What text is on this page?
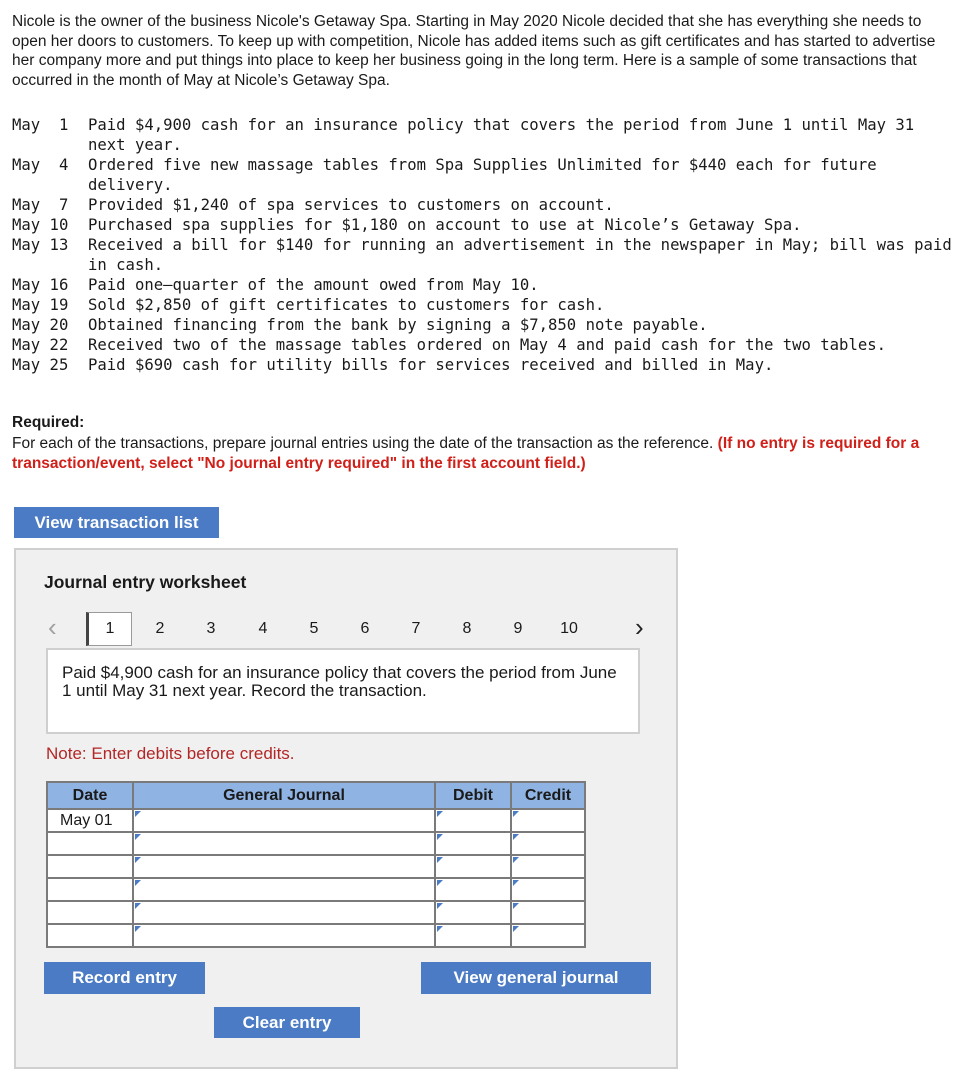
Nicole is the owner of the business Nicole's Getaway Spa. Starting in May 2020 Nicole decided that she has everything she needs to open her doors to customers. To keep up with competition, Nicole has added items such as gift certificates and has started to advertise her company more and put things into place to keep her business going in the long term. Here is a sample of some transactions that occurred in the month of May at Nicole’s Getaway Spa.

May  1	Paid $4,900 cash for an insurance policy that covers the period from June 1 until May 31 next year.
May  4	Ordered five new massage tables from Spa Supplies Unlimited for $440 each for future delivery.
May  7	Provided $1,240 of spa services to customers on account.
May 10	Purchased spa supplies for $1,180 on account to use at Nicole’s Getaway Spa.
May 13	Received a bill for $140 for running an advertisement in the newspaper in May; bill was paid in cash.
May 16	Paid one–quarter of the amount owed from May 10.
May 19	Sold $2,850 of gift certificates to customers for cash.
May 20	Obtained financing from the bank by signing a $7,850 note payable.
May 22	Received two of the massage tables ordered on May 4 and paid cash for the two tables.
May 25	Paid $690 cash for utility bills for services received and billed in May.
Required:
For each of the transactions, prepare journal entries using the date of the transaction as the reference. (If no entry is required for a transaction/event, select "No journal entry required" in the first account field.)
View transaction list
Journal entry worksheet
‹	1	2	3	4	5	6	7	8	9	10	›
Paid $4,900 cash for an insurance policy that covers the period from June 1 until May 31 next year. Record the transaction.
Note: Enter debits before credits.
Date	General Journal	Debit	Credit
May 01	

Record entry	View general journal
Clear entry
